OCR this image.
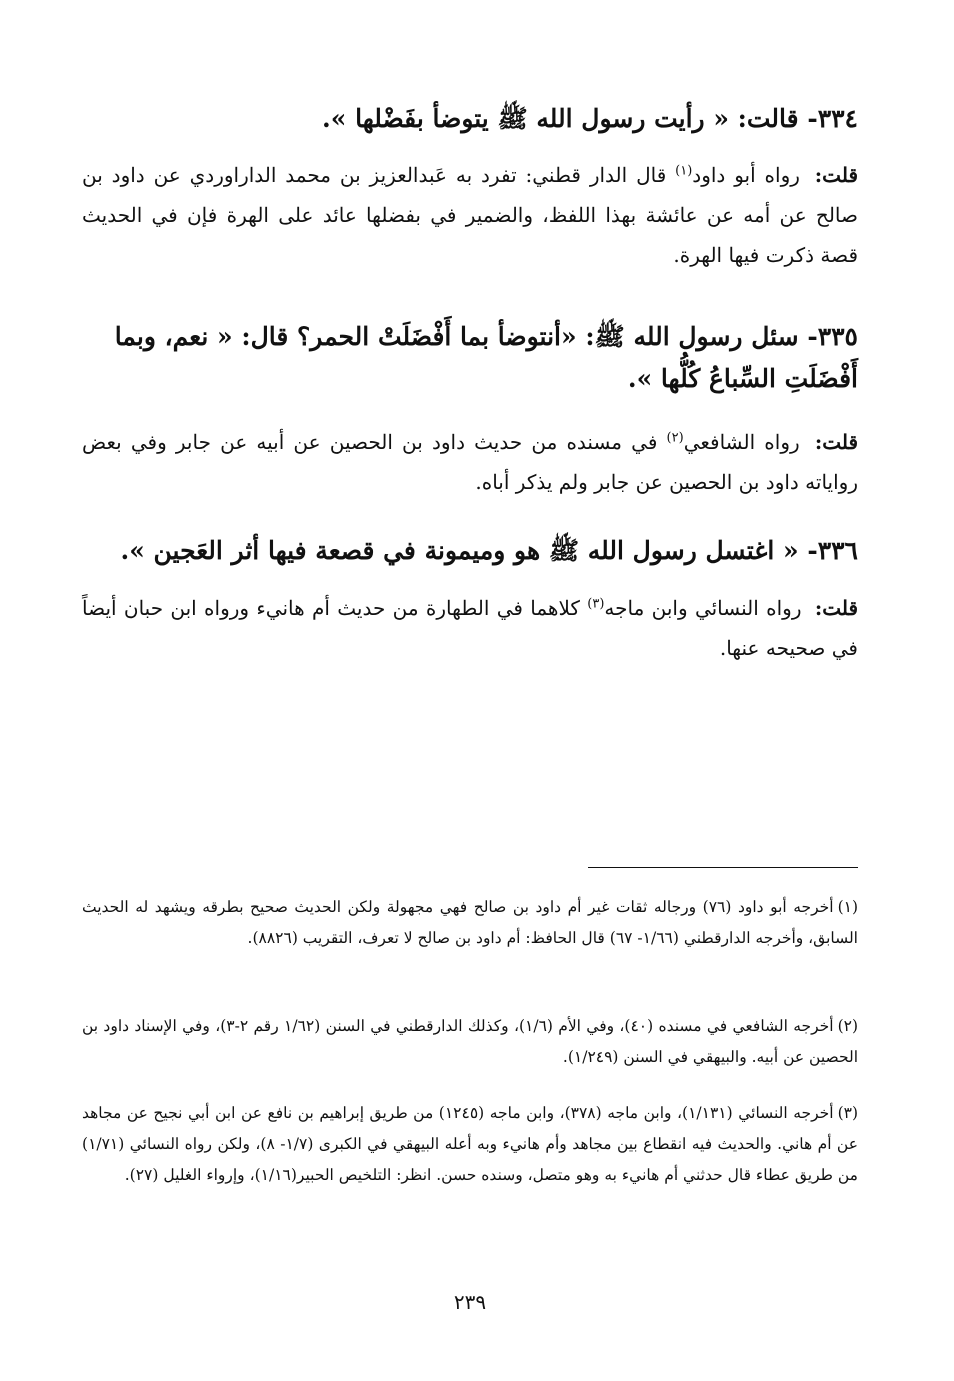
٣٣٤- قالت: « رأيت رسول الله ﷺ يتوضأ بفَضْلها ».
قلت: رواه أبو داود$^{(١)}$ قال الدار قطني: تفرد به عَبدالعزيز بن محمد الداراوردي عن داود بن صالح عن أمه عن عائشة بهذا اللفظ، والضمير في بفضلها عائد على الهرة فإن في الحديث قصة ذكرت فيها الهرة.
٣٣٥- سئل رسول الله ﷺ: «أنتوضأ بما أَفْضَلَتْ الحمر؟ قال: « نعم، وبما أَفْضَلَتِ السِّباعُ كُلُّها ».
قلت: رواه الشافعي$^{(٢)}$ في مسنده من حديث داود بن الحصين عن أبيه عن جابر وفي بعض رواياته داود بن الحصين عن جابر ولم يذكر أباه.
٣٣٦- « اغتسل رسول الله ﷺ هو وميمونة في قصعة فيها أثر العَجين ».
قلت: رواه النسائي وابن ماجه$^{(٣)}$ كلاهما في الطهارة من حديث أم هانيء ورواه ابن حبان أيضاً في صحيحه عنها.
(١)أخرجه أبو داود (٧٦) ورجاله ثقات غير أم داود بن صالح فهي مجهولة ولكن الحديث صحيح بطرقه ويشهد له الحديث السابق، وأخرجه الدارقطني (١/٦٦- ٦٧) قال الحافظ: أم داود بن صالح لا تعرف، التقريب (٨٨٢٦).
(٢)أخرجه الشافعي في مسنده (٤٠)، وفي الأم (١/٦)، وكذلك الدارقطني في السنن (١/٦٢ رقم ٢-٣)، وفي الإسناد داود بن الحصين عن أبيه. والبيهقي في السنن (١/٢٤٩).
(٣)أخرجه النسائي (١/١٣١)، وابن ماجه (٣٧٨)، وابن ماجه (١٢٤٥) من طريق إبراهيم بن نافع عن ابن أبي نجيح عن مجاهد عن أم هاني. والحديث فيه انقطاع بين مجاهد وأم هانيء وبه أعله البيهقي في الكبرى (١/٧- ٨)، ولكن رواه النسائي (١/٧١) من طريق عطاء قال حدثني أم هانيء به وهو متصل، وسنده حسن. انظر: التلخيص الحبير(١/١٦)، وإرواء الغليل (٢٧).
٢٣٩
